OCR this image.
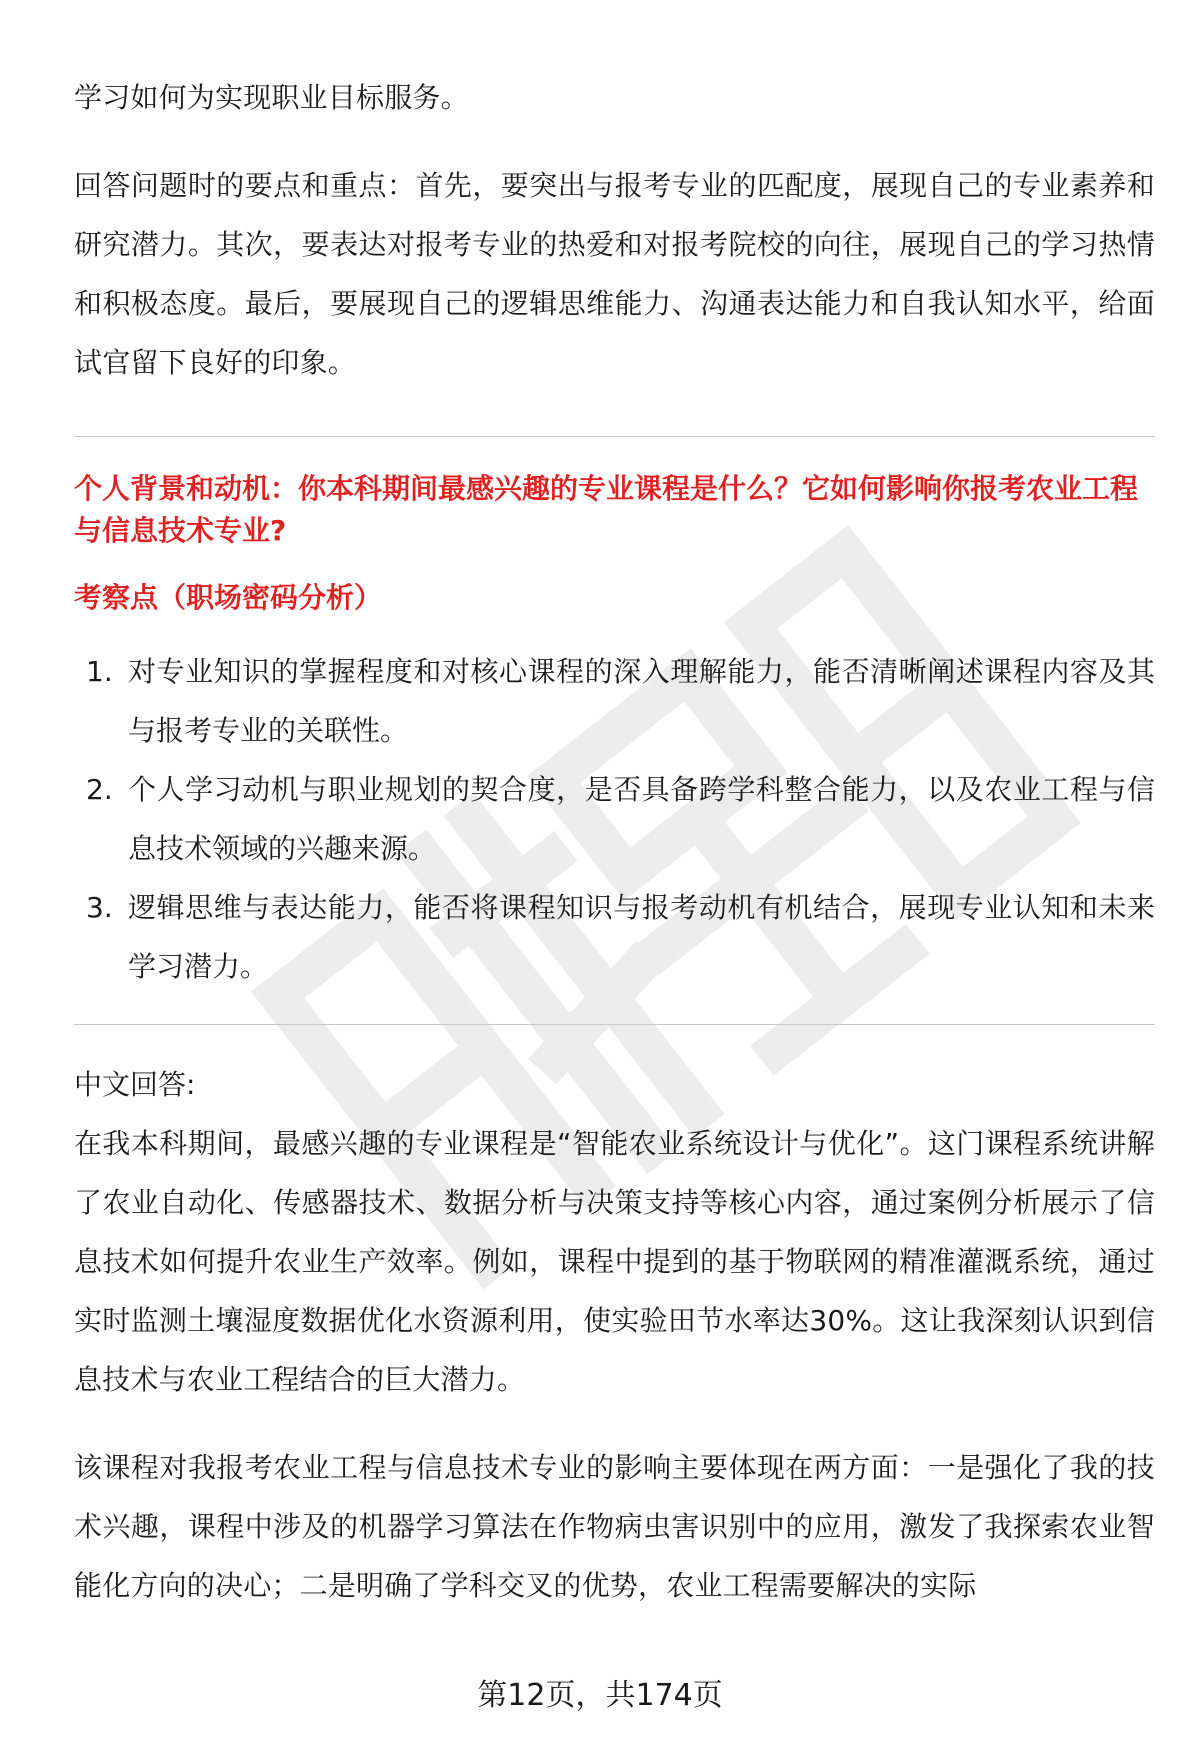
学习如何为实现职业目标服务。

回答问题时的要点和重点：首先，要突出与报考专业的匹配度，展现自己的专业素养和研究潜力。其次，要表达对报考专业的热爱和对报考院校的向往，展现自己的学习热情和积极态度。最后，要展现自己的逻辑思维能力、沟通表达能力和自我认知水平，给面试官留下良好的印象。

个人背景和动机：你本科期间最感兴趣的专业课程是什么？它如何影响你报考农业工程与信息技术专业?

考察点（职场密码分析）

1. 对专业知识的掌握程度和对核心课程的深入理解能力，能否清晰阐述课程内容及其与报考专业的关联性。
2. 个人学习动机与职业规划的契合度，是否具备跨学科整合能力，以及农业工程与信息技术领域的兴趣来源。
3. 逻辑思维与表达能力，能否将课程知识与报考动机有机结合，展现专业认知和未来学习潜力。

中文回答:

在我本科期间，最感兴趣的专业课程是“智能农业系统设计与优化”。这门课程系统讲解了农业自动化、传感器技术、数据分析与决策支持等核心内容，通过案例分析展示了信息技术如何提升农业生产效率。例如，课程中提到的基于物联网的精准灌溉系统，通过实时监测土壤湿度数据优化水资源利用，使实验田节水率达30%。这让我深刻认识到信息技术与农业工程结合的巨大潜力。

该课程对我报考农业工程与信息技术专业的影响主要体现在两方面：一是强化了我的技术兴趣，课程中涉及的机器学习算法在作物病虫害识别中的应用，激发了我探索农业智能化方向的决心；二是明确了学科交叉的优势，农业工程需要解决的实际

第12页，共174页
